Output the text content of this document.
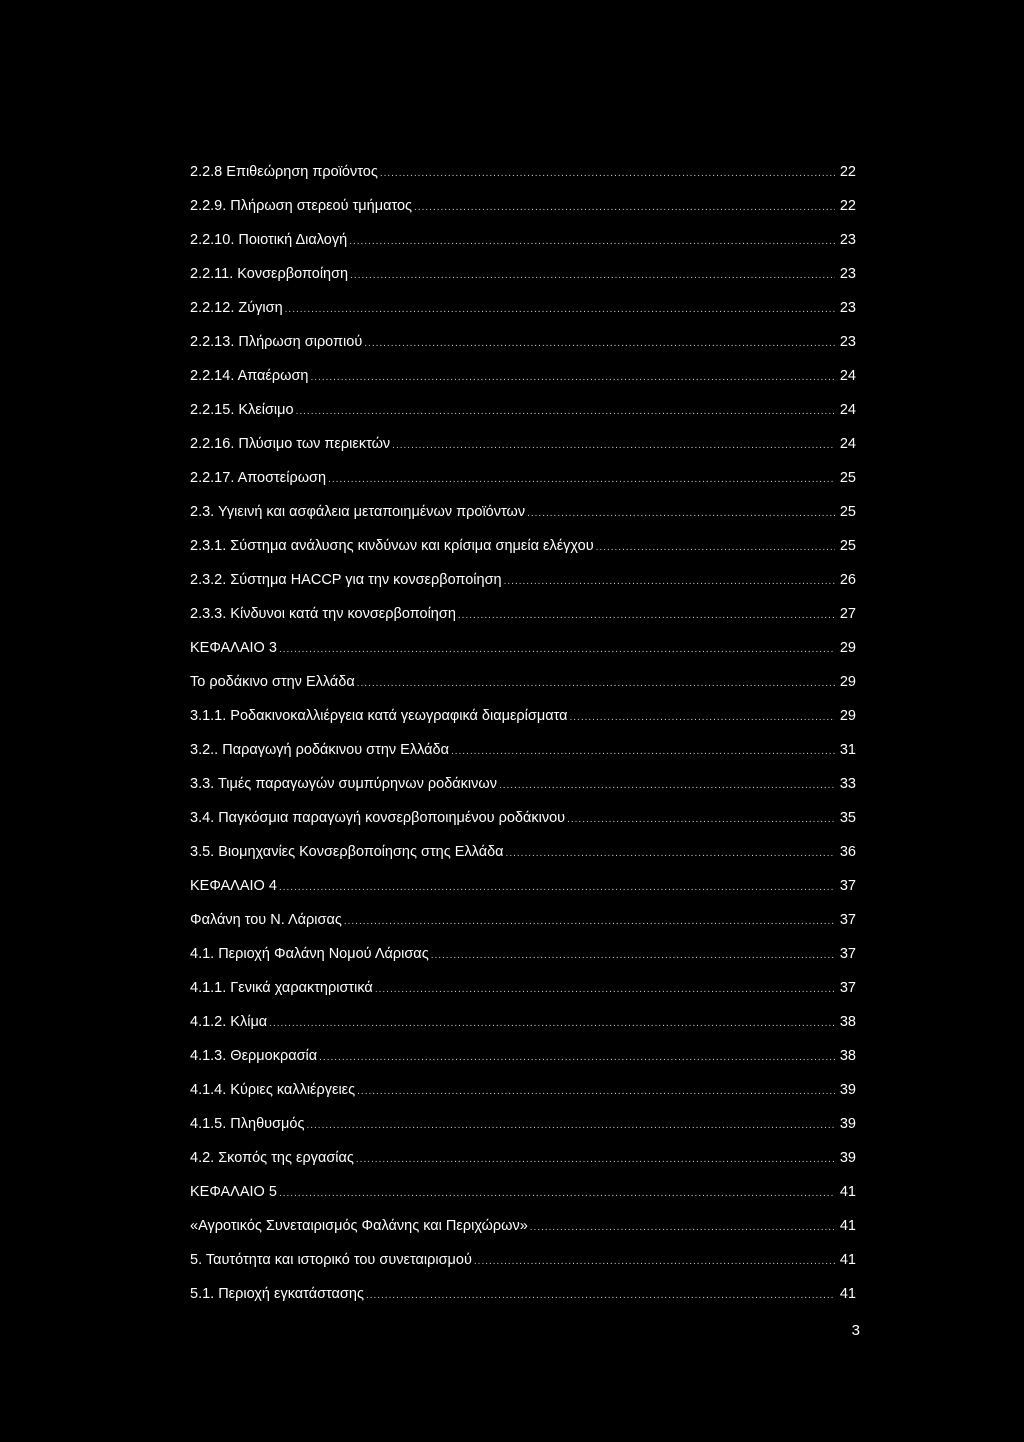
2.2.8 Επιθεώρηση προϊόντος .....	22
2.2.9. Πλήρωση στερεού τμήματος .....	22
2.2.10. Ποιοτική Διαλογή .....	23
2.2.11. Κονσερβοποίηση .....	23
2.2.12. Ζύγιση .....	23
2.2.13. Πλήρωση σιροπιού .....	23
2.2.14. Απαέρωση .....	24
2.2.15. Κλείσιμο .....	24
2.2.16. Πλύσιμο των περιεκτών .....	24
2.2.17. Αποστείρωση .....	25
2.3. Υγιεινή και ασφάλεια μεταποιημένων προϊόντων .....	25
2.3.1. Σύστημα ανάλυσης κινδύνων και κρίσιμα σημεία ελέγχου .....	25
2.3.2. Σύστημα HACCP για την κονσερβοποίηση .....	26
2.3.3. Κίνδυνοι κατά την κονσερβοποίηση .....	27
ΚΕΦΑΛΑΙΟ 3 .....	29
Το ροδάκινο στην Ελλάδα .....	29
3.1.1. Ροδακινοκαλλιέργεια κατά γεωγραφικά διαμερίσματα .....	29
3.2.. Παραγωγή ροδάκινου στην Ελλάδα .....	31
3.3. Τιμές παραγωγών συμπύρηνων ροδάκινων .....	33
3.4. Παγκόσμια παραγωγή κονσερβοποιημένου ροδάκινου .....	35
3.5. Βιομηχανίες Κονσερβοποίησης στης Ελλάδα .....	36
ΚΕΦΑΛΑΙΟ 4 .....	37
Φαλάνη του Ν. Λάρισας .....	37
4.1. Περιοχή Φαλάνη Νομού Λάρισας .....	37
4.1.1. Γενικά χαρακτηριστικά .....	37
4.1.2. Κλίμα .....	38
4.1.3. Θερμοκρασία .....	38
4.1.4. Κύριες καλλιέργειες .....	39
4.1.5. Πληθυσμός .....	39
4.2. Σκοπός της εργασίας .....	39
ΚΕΦΑΛΑΙΟ 5 .....	41
«Αγροτικός Συνεταιρισμός Φαλάνης και Περιχώρων» .....	41
5. Ταυτότητα και ιστορικό του συνεταιρισμού .....	41
5.1. Περιοχή εγκατάστασης .....	41
3
